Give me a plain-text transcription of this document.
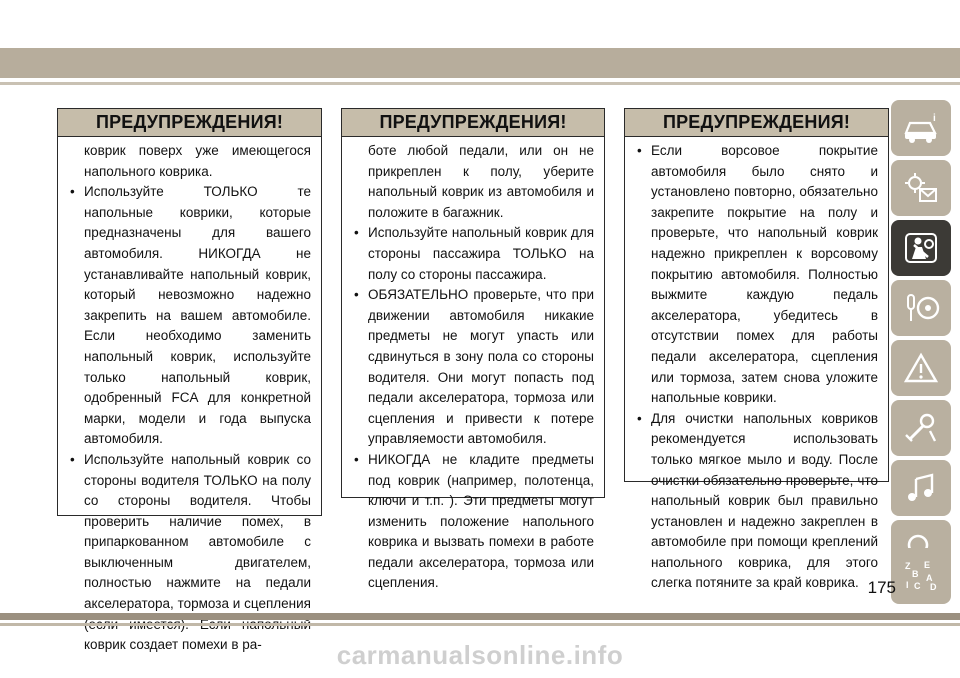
ПРЕДУПРЕЖДЕНИЯ!

коврик поверх уже имеющегося напольного коврика.

• Используйте ТОЛЬКО те напольные коврики, которые предназначены для вашего автомобиля. НИКОГДА не устанавливайте напольный коврик, который невозможно надежно закрепить на вашем автомобиле. Если необходимо заменить напольный коврик, используйте только напольный коврик, одобренный FCA для конкретной марки, модели и года выпуска автомобиля.

• Используйте напольный коврик со стороны водителя ТОЛЬКО на полу со стороны водителя. Чтобы проверить наличие помех, в припаркованном автомобиле с выключенным двигателем, полностью нажмите на педали акселератора, тормоза и сцепления коврик создает помехи в ра-

ПРЕДУПРЕЖДЕНИЯ!

боте любой педали, или он не прикреплен к полу, уберите напольный коврик из автомобиля и положите в багажник.

• Используйте напольный коврик для стороны пассажира ТОЛЬКО на полу со стороны пассажира.

• ОБЯЗАТЕЛЬНО проверьте, что при движении автомобиля никакие предметы не могут упасть или сдвинуться в зону пола со стороны водителя. Они могут попасть под педали акселератора, тормоза или сцепления и привести к потере управляемости автомобиля.

• НИКОГДА не кладите предметы под коврик (например, полотенца, ключи и т.п. ). Эти предметы могут изменить положение напольного коврика и вызвать помехи в работе педали акселератора, тормоза или сцепления.

ПРЕДУПРЕЖДЕНИЯ!

• Если ворсовое покрытие автомобиля было снято и установлено повторно, обязательно закрепите покрытие на полу и проверьте, что напольный коврик надежно прикреплен к ворсовому покрытию автомобиля. Полностью выжмите каждую педаль акселератора, убедитесь в отсутствии помех для работы педали акселератора, сцепления или тормоза, затем снова уложите напольные коврики.

• Для очистки напольных ковриков рекомендуется использовать только мягкое мыло и воду. После очистки обязательно проверьте, что напольный коврик был правильно установлен и надежно закреплен в автомобиле при помощи креплений напольного коврика, для этого слегка потяните за край коврика.

i
Z E
B A
I C D
175
carmanualsonline.info
